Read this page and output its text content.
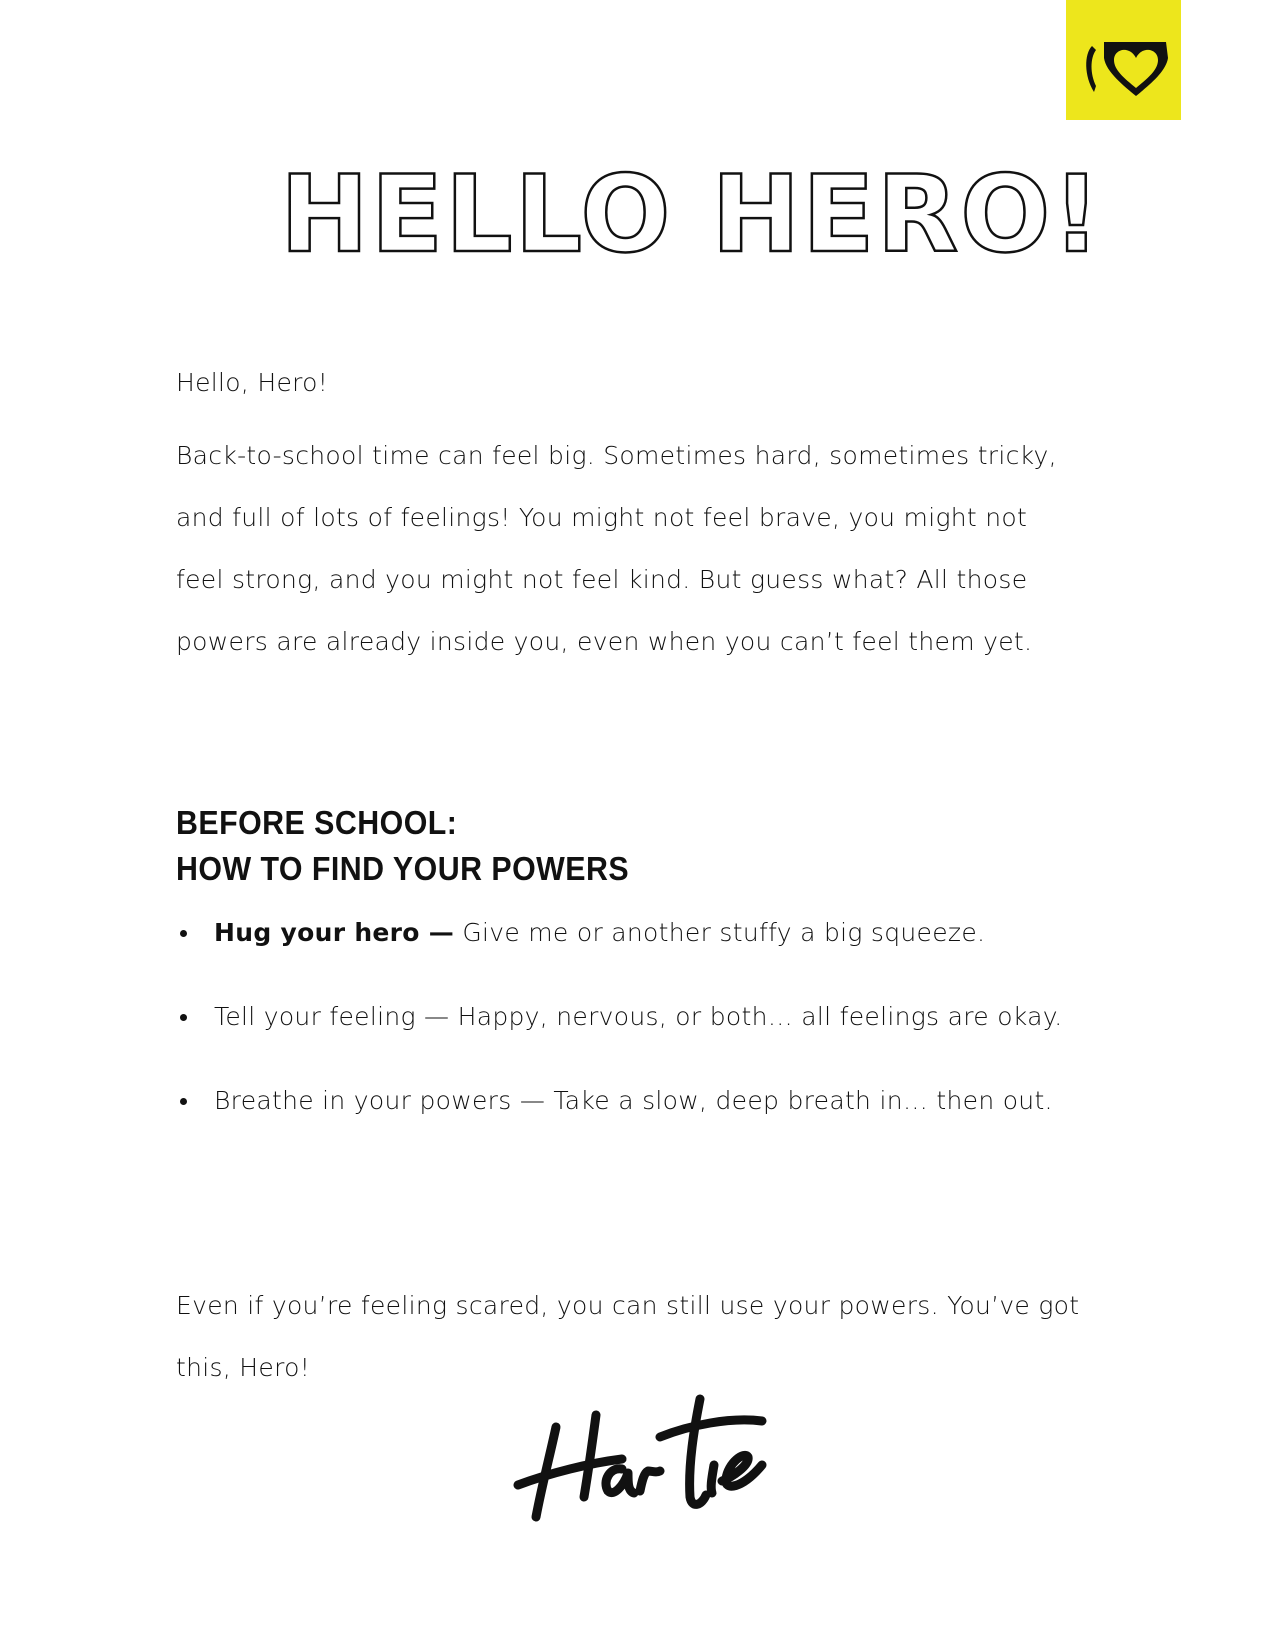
HELLO HERO!
Hello, Hero!
Back-to-school time can feel big. Sometimes hard, sometimes tricky, and full of lots of feelings! You might not feel brave, you might not feel strong, and you might not feel kind. But guess what? All those powers are already inside you, even when you can’t feel them yet.
BEFORE SCHOOL:
HOW TO FIND YOUR POWERS
Hug your hero — Give me or another stuffy a big squeeze.
Tell your feeling — Happy, nervous, or both… all feelings are okay.
Breathe in your powers — Take a slow, deep breath in… then out.
Even if you’re feeling scared, you can still use your powers. You’ve got this, Hero!
